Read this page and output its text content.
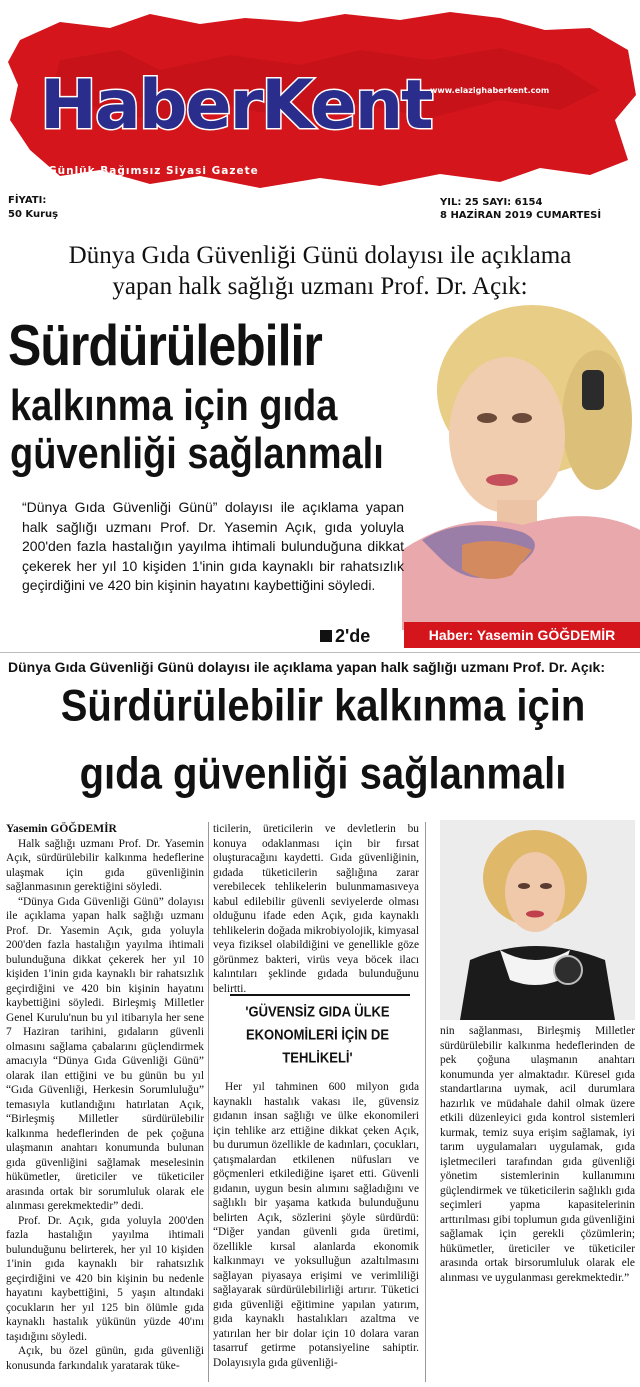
HaberKent
www.elazighaberkent.com
Günlük Bağımsız Siyasi Gazete
FİYATI:
50 Kuruş
YIL: 25 SAYI: 6154
8 HAZİRAN 2019 CUMARTESİ
Dünya Gıda Güvenliği Günü dolayısı ile açıklama
yapan halk sağlığı uzmanı Prof. Dr. Açık:
Sürdürülebilir
kalkınma için gıda
güvenliği sağlanmalı
“Dünya Gıda Güvenliği Günü” dolayısı ile açıklama yapan halk sağlığı uzmanı Prof. Dr. Yasemin Açık, gıda yoluyla 200'den fazla hastalığın yayılma ihtimali bulunduğuna dikkat çekerek her yıl 10 kişiden 1'inin gıda kaynaklı bir rahatsızlık geçirdiğini ve 420 bin kişinin hayatını kaybettiğini söyledi.
2'de	Haber: Yasemin GÖĞDEMİR
Dünya Gıda Güvenliği Günü dolayısı ile açıklama yapan halk sağlığı uzmanı Prof. Dr. Açık:
Sürdürülebilir kalkınma için
gıda güvenliği sağlanmalı

Yasemin GÖĞDEMİR

Halk sağlığı uzmanı Prof. Dr. Yasemin Açık, sürdürülebilir kalkınma hedeflerine ulaşmak için gıda güvenliğinin sağlanmasının gerektiğini söyledi.

“Dünya Gıda Güvenliği Günü” dolayısı ile açıklama yapan halk sağlığı uzmanı Prof. Dr. Yasemin Açık, gıda yoluyla 200'den fazla hastalığın yayılma ihtimali bulunduğuna dikkat çekerek her yıl 10 kişiden 1'inin gıda kaynaklı bir rahatsızlık geçirdiğini ve 420 bin kişinin hayatını kaybettiğini söyledi. Birleşmiş Milletler Genel Kurulu'nun bu yıl itibarıyla her sene 7 Haziran tarihini, gıdaların güvenli olmasını sağlama çabalarını güçlendirmek amacıyla “Dünya Gıda Güvenliği Günü” olarak ilan ettiğini ve bu günün bu yıl “Gıda Güvenliği, Herkesin Sorumluluğu” temasıyla kutlandığını hatırlatan Açık, “Birleşmiş Milletler sürdürülebilir kalkınma hedeflerinden de pek çoğuna ulaşmanın anahtarı konumunda bulunan gıda güvenliğini sağlamak meselesinin hükümetler, üreticiler ve tüketiciler arasında ortak bir sorumluluk olarak ele alınması gerekmektedir” dedi.

Prof. Dr. Açık, gıda yoluyla 200'den fazla hastalığın yayılma ihtimali bulunduğunu belirterek, her yıl 10 kişiden 1'inin gıda kaynaklı bir rahatsızlık geçirdiğini ve 420 bin kişinin bu nedenle hayatını kaybettiğini, 5 yaşın altındaki çocukların her yıl 125 bin ölümle gıda kaynaklı hastalık yükünün yüzde 40'ını taşıdığını söyledi.

Açık, bu özel günün, gıda güvenliği konusunda farkındalık yaratarak tüke-

ticilerin, üreticilerin ve devletlerin bu konuya odaklanması için bir fırsat oluşturacağını kaydetti. Gıda güvenliğinin, gıdada tüketicilerin sağlığına zarar verebilecek tehlikelerin bulunmamasıveya kabul edilebilir güvenli seviyelerde olması olduğunu ifade eden Açık, gıda kaynaklı tehlikelerin doğada mikrobiyolojik, kimyasal veya fiziksel olabildiğini ve genellikle göze görünmez bakteri, virüs veya böcek ilacı kalıntıları şeklinde gıdada bulunduğunu belirtti.

'GÜVENSİZ GIDA ÜLKE
EKONOMİLERİ İÇİN DE
TEHLİKELİ'

Her yıl tahminen 600 milyon gıda kaynaklı hastalık vakası ile, güvensiz gıdanın insan sağlığı ve ülke ekonomileri için tehlike arz ettiğine dikkat çeken Açık, bu durumun özellikle de kadınları, çocukları, çatışmalardan etkilenen nüfusları ve göçmenleri etkilediğine işaret etti. Güvenli gıdanın, uygun besin alımını sağladığını ve sağlıklı bir yaşama katkıda bulunduğunu belirten Açık, sözlerini şöyle sürdürdü: “Diğer yandan güvenli gıda üretimi, özellikle kırsal alanlarda ekonomik kalkınmayı ve yoksulluğun azaltılmasını sağlayan piyasaya erişimi ve verimliliği sağlayarak sürdürülebilirliği artırır. Tüketici gıda güvenliği eğitimine yapılan yatırım, gıda kaynaklı hastalıkları azaltma ve yatırılan her bir dolar için 10 dolara varan tasarruf getirme potansiyeline sahiptir. Dolayısıyla gıda güvenliği-

nin sağlanması, Birleşmiş Milletler sürdürülebilir kalkınma hedeflerinden de pek çoğuna ulaşmanın anahtarı konumunda yer almaktadır. Küresel gıda standartlarına uymak, acil durumlara hazırlık ve müdahale dahil olmak üzere etkili düzenleyici gıda kontrol sistemleri kurmak, temiz suya erişim sağlamak, iyi tarım uygulamaları uygulamak, gıda işletmecileri tarafından gıda güvenliği yönetim sistemlerinin kullanımını güçlendirmek ve tüketicilerin sağlıklı gıda seçimleri yapma kapasitelerinin arttırılması gibi toplumun gıda güvenliğini sağlamak için gerekli çözümlerin; hükümetler, üreticiler ve tüketiciler arasında ortak birsorumluluk olarak ele alınması ve uygulanması gerekmektedir.”
